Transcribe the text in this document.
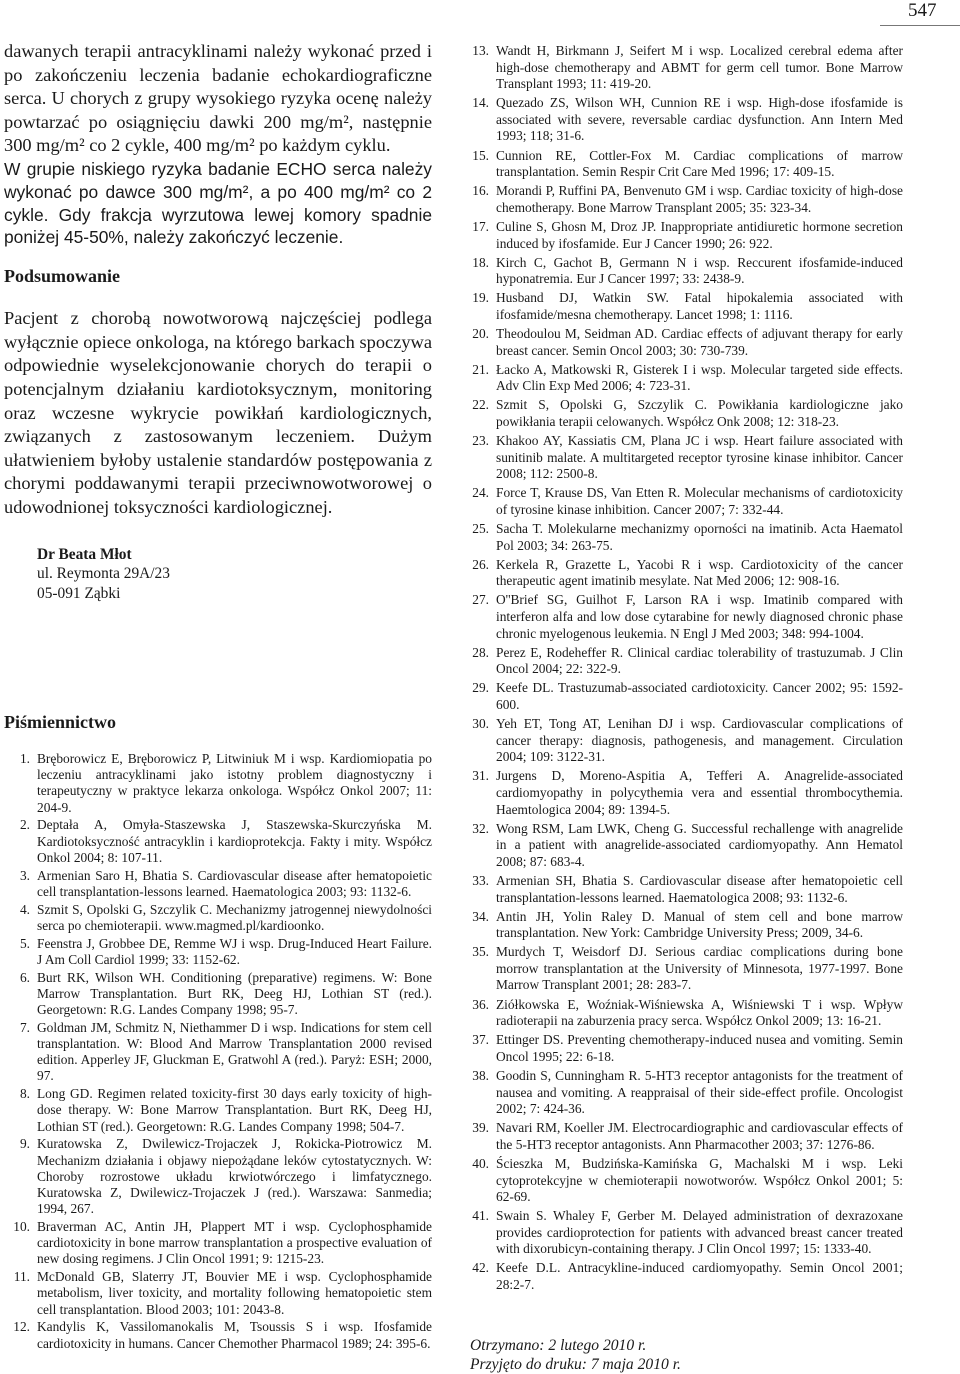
547

dawanych terapii antracyklinami należy wykonać przed i po zakończeniu leczenia badanie echokardiograficzne serca. U chorych z grupy wysokiego ryzyka ocenę należy powtarzać po osiągnięciu dawki 200 mg/m², następnie 300 mg/m² co 2 cykle, 400 mg/m² po każdym cyklu.

W grupie niskiego ryzyka badanie ECHO serca należy wykonać po dawce 300 mg/m², a po 400 mg/m² co 2 cykle. Gdy frakcja wyrzutowa lewej komory spadnie poniżej 45-50%, należy zakończyć leczenie.

Podsumowanie

Pacjent z chorobą nowotworową najczęściej podlega wyłącznie opiece onkologa, na którego barkach spoczywa odpowiednie wyselekcjonowanie chorych do terapii o potencjalnym działaniu kardiotoksycznym, monitoring oraz wczesne wykrycie powikłań kardiologicznych, związanych z zastosowanym leczeniem. Dużym ułatwieniem byłoby ustalenie standardów postępowania z chorymi poddawanymi terapii przeciwnowotworowej o udowodnionej toksyczności kardiologicznej.

Dr Beata Młot
ul. Reymonta 29A/23
05-091 Ząbki
Piśmiennictwo
1. Bręborowicz E, Bręborowicz P, Litwiniuk M i wsp. Kardiomiopatia po leczeniu antracyklinami jako istotny problem diagnostyczny i terapeutyczny w praktyce lekarza onkologa. Współcz Onkol 2007; 11: 204-9.
2. Deptała A, Omyła-Staszewska J, Staszewska-Skurczyńska M. Kardiotoksyczność antracyklin i kardioprotekcja. Fakty i mity. Współcz Onkol 2004; 8: 107-11.
3. Armenian Saro H, Bhatia S. Cardiovascular disease after hematopoietic cell transplantation-lessons learned. Haematologica 2003; 93: 1132-6.
4. Szmit S, Opolski G, Szczylik C. Mechanizmy jatrogennej niewydolności serca po chemioterapii. www.magmed.pl/kardioonko.
5. Feenstra J, Grobbee DE, Remme WJ i wsp. Drug-Induced Heart Failure. J Am Coll Cardiol 1999; 33: 1152-62.
6. Burt RK, Wilson WH. Conditioning (preparative) regimens. W: Bone Marrow Transplantation. Burt RK, Deeg HJ, Lothian ST (red.). Georgetown: R.G. Landes Company 1998; 95-7.
7. Goldman JM, Schmitz N, Niethammer D i wsp. Indications for stem cell transplantation. W: Blood And Marrow Transplantation 2000 revised edition. Apperley JF, Gluckman E, Gratwohl A (red.). Paryż: ESH; 2000, 97.
8. Long GD. Regimen related toxicity-first 30 days early toxicity of high-dose therapy. W: Bone Marrow Transplantation. Burt RK, Deeg HJ, Lothian ST (red.). Georgetown: R.G. Landes Company 1998; 504-7.
9. Kuratowska Z, Dwilewicz-Trojaczek J, Rokicka-Piotrowicz M. Mechanizm działania i objawy niepożądane leków cytostatycznych. W: Choroby rozrostowe układu krwiotwórczego i limfatycznego. Kuratowska Z, Dwilewicz-Trojaczek J (red.). Warszawa: Sanmedia; 1994, 267.
10. Braverman AC, Antin JH, Plappert MT i wsp. Cyclophosphamide cardiotoxicity in bone marrow transplantation a prospective evaluation of new dosing regimens. J Clin Oncol 1991; 9: 1215-23.
11. McDonald GB, Slaterry JT, Bouvier ME i wsp. Cyclophosphamide metabolism, liver toxicity, and mortality following hematopoietic stem cell transplantation. Blood 2003; 101: 2043-8.
12. Kandylis K, Vassilomanokalis M, Tsoussis S i wsp. Ifosfamide cardiotoxicity in humans. Cancer Chemother Pharmacol 1989; 24: 395-6.
13. Wandt H, Birkmann J, Seifert M i wsp. Localized cerebral edema after high-dose chemotherapy and ABMT for germ cell tumor. Bone Marrow Transplant 1993; 11: 419-20.
14. Quezado ZS, Wilson WH, Cunnion RE i wsp. High-dose ifosfamide is associated with severe, reversable cardiac dysfunction. Ann Intern Med 1993; 118; 31-6.
15. Cunnion RE, Cottler-Fox M. Cardiac complications of marrow transplantation. Semin Respir Crit Care Med 1996; 17: 409-15.
16. Morandi P, Ruffini PA, Benvenuto GM i wsp. Cardiac toxicity of high-dose chemotherapy. Bone Marrow Transplant 2005; 35: 323-34.
17. Culine S, Ghosn M, Droz JP. Inappropriate antidiuretic hormone secretion induced by ifosfamide. Eur J Cancer 1990; 26: 922.
18. Kirch C, Gachot B, Germann N i wsp. Reccurent ifosfamide-induced hyponatremia. Eur J Cancer 1997; 33: 2438-9.
19. Husband DJ, Watkin SW. Fatal hipokalemia associated with ifosfamide/mesna chemotherapy. Lancet 1998; 1: 1116.
20. Theodoulou M, Seidman AD. Cardiac effects of adjuvant therapy for early breast cancer. Semin Oncol 2003; 30: 730-739.
21. Łacko A, Matkowski R, Gisterek I i wsp. Molecular targeted side effects. Adv Clin Exp Med 2006; 4: 723-31.
22. Szmit S, Opolski G, Szczylik C. Powikłania kardiologiczne jako powikłania terapii celowanych. Współcz Onk 2008; 12: 318-23.
23. Khakoo AY, Kassiatis CM, Plana JC i wsp. Heart failure associated with sunitinib malate. A multitargeted receptor tyrosine kinase inhibitor. Cancer 2008; 112: 2500-8.
24. Force T, Krause DS, Van Etten R. Molecular mechanisms of cardiotoxicity of tyrosine kinase inhibition. Cancer 2007; 7: 332-44.
25. Sacha T. Molekularne mechanizmy oporności na imatinib. Acta Haematol Pol 2003; 34: 263-75.
26. Kerkela R, Grazette L, Yacobi R i wsp. Cardiotoxicity of the cancer therapeutic agent imatinib mesylate. Nat Med 2006; 12: 908-16.
27. O''Brief SG, Guilhot F, Larson RA i wsp. Imatinib compared with interferon alfa and low dose cytarabine for newly diagnosed chronic phase chronic myelogenous leukemia. N Engl J Med 2003; 348: 994-1004.
28. Perez E, Rodeheffer R. Clinical cardiac tolerability of trastuzumab. J Clin Oncol 2004; 22: 322-9.
29. Keefe DL. Trastuzumab-associated cardiotoxicity. Cancer 2002; 95: 1592-600.
30. Yeh ET, Tong AT, Lenihan DJ i wsp. Cardiovascular complications of cancer therapy: diagnosis, pathogenesis, and management. Circulation 2004; 109: 3122-31.
31. Jurgens D, Moreno-Aspitia A, Tefferi A. Anagrelide-associated cardiomyopathy in polycythemia vera and essential thrombocythemia. Haemtologica 2004; 89: 1394-5.
32. Wong RSM, Lam LWK, Cheng G. Successful rechallenge with anagrelide in a patient with anagrelide-associated cardiomyopathy. Ann Hematol 2008; 87: 683-4.
33. Armenian SH, Bhatia S. Cardiovascular disease after hematopoietic cell transplantation-lessons learned. Haematologica 2008; 93: 1132-6.
34. Antin JH, Yolin Raley D. Manual of stem cell and bone marrow transplantation. New York: Cambridge University Press; 2009, 34-6.
35. Murdych T, Weisdorf DJ. Serious cardiac complications during bone morrow transplantation at the University of Minnesota, 1977-1997. Bone Marrow Transplant 2001; 28: 283-7.
36. Ziółkowska E, Woźniak-Wiśniewska A, Wiśniewski T i wsp. Wpływ radioterapii na zaburzenia pracy serca. Współcz Onkol 2009; 13: 16-21.
37. Ettinger DS. Preventing chemotherapy-induced nusea and vomiting. Semin Oncol 1995; 22: 6-18.
38. Goodin S, Cunningham R. 5-HT3 receptor antagonists for the treatment of nausea and vomiting. A reappraisal of their side-effect profile. Oncologist 2002; 7: 424-36.
39. Navari RM, Koeller JM. Electrocardiographic and cardiovascular effects of the 5-HT3 receptor antagonists. Ann Pharmacother 2003; 37: 1276-86.
40. Ścieszka M, Budzińska-Kamińska G, Machalski M i wsp. Leki cytoprotekcyjne w chemioterapii nowotworów. Współcz Onkol 2001; 5: 62-69.
41. Swain S. Whaley F, Gerber M. Delayed administration of dexrazoxane provides cardioprotection for patients with advanced breast cancer treated with dixorubicyn-containing therapy. J Clin Oncol 1997; 15: 1333-40.
42. Keefe D.L. Antracykline-induced cardiomyopathy. Semin Oncol 2001; 28:2-7.
Otrzymano: 2 lutego 2010 r.
Przyjęto do druku: 7 maja 2010 r.
